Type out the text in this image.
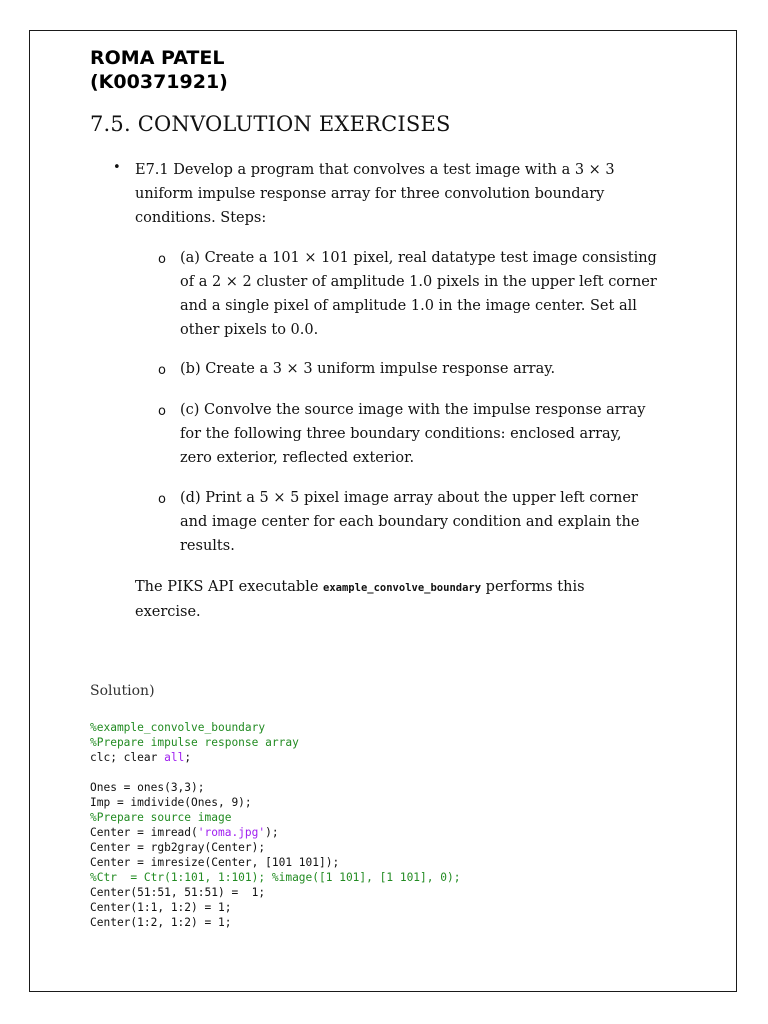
ROMA PATEL
(K00371921)
7.5. CONVOLUTION EXERCISES
• E7.1 Develop a program that convolves a test image with a 3 × 3
uniform impulse response array for three convolution boundary
conditions. Steps:
o (a) Create a 101 × 101 pixel, real datatype test image consisting
of a 2 × 2 cluster of amplitude 1.0 pixels in the upper left corner
and a single pixel of amplitude 1.0 in the image center. Set all
other pixels to 0.0.
o (b) Create a 3 × 3 uniform impulse response array.
o (c) Convolve the source image with the impulse response array
for the following three boundary conditions: enclosed array,
zero exterior, reflected exterior.
o (d) Print a 5 × 5 pixel image array about the upper left corner
and image center for each boundary condition and explain the
results.
The PIKS API executable example_convolve_boundary performs this
exercise.
Solution)
%example_convolve_boundary
%Prepare impulse response array
clc; clear all;
Ones = ones(3,3);
Imp = imdivide(Ones, 9);
%Prepare source image
Center = imread('roma.jpg');
Center = rgb2gray(Center);
Center = imresize(Center, [101 101]);
%Ctr  = Ctr(1:101, 1:101); %image([1 101], [1 101], 0);
Center(51:51, 51:51) =  1;
Center(1:1, 1:2) = 1;
Center(1:2, 1:2) = 1;
